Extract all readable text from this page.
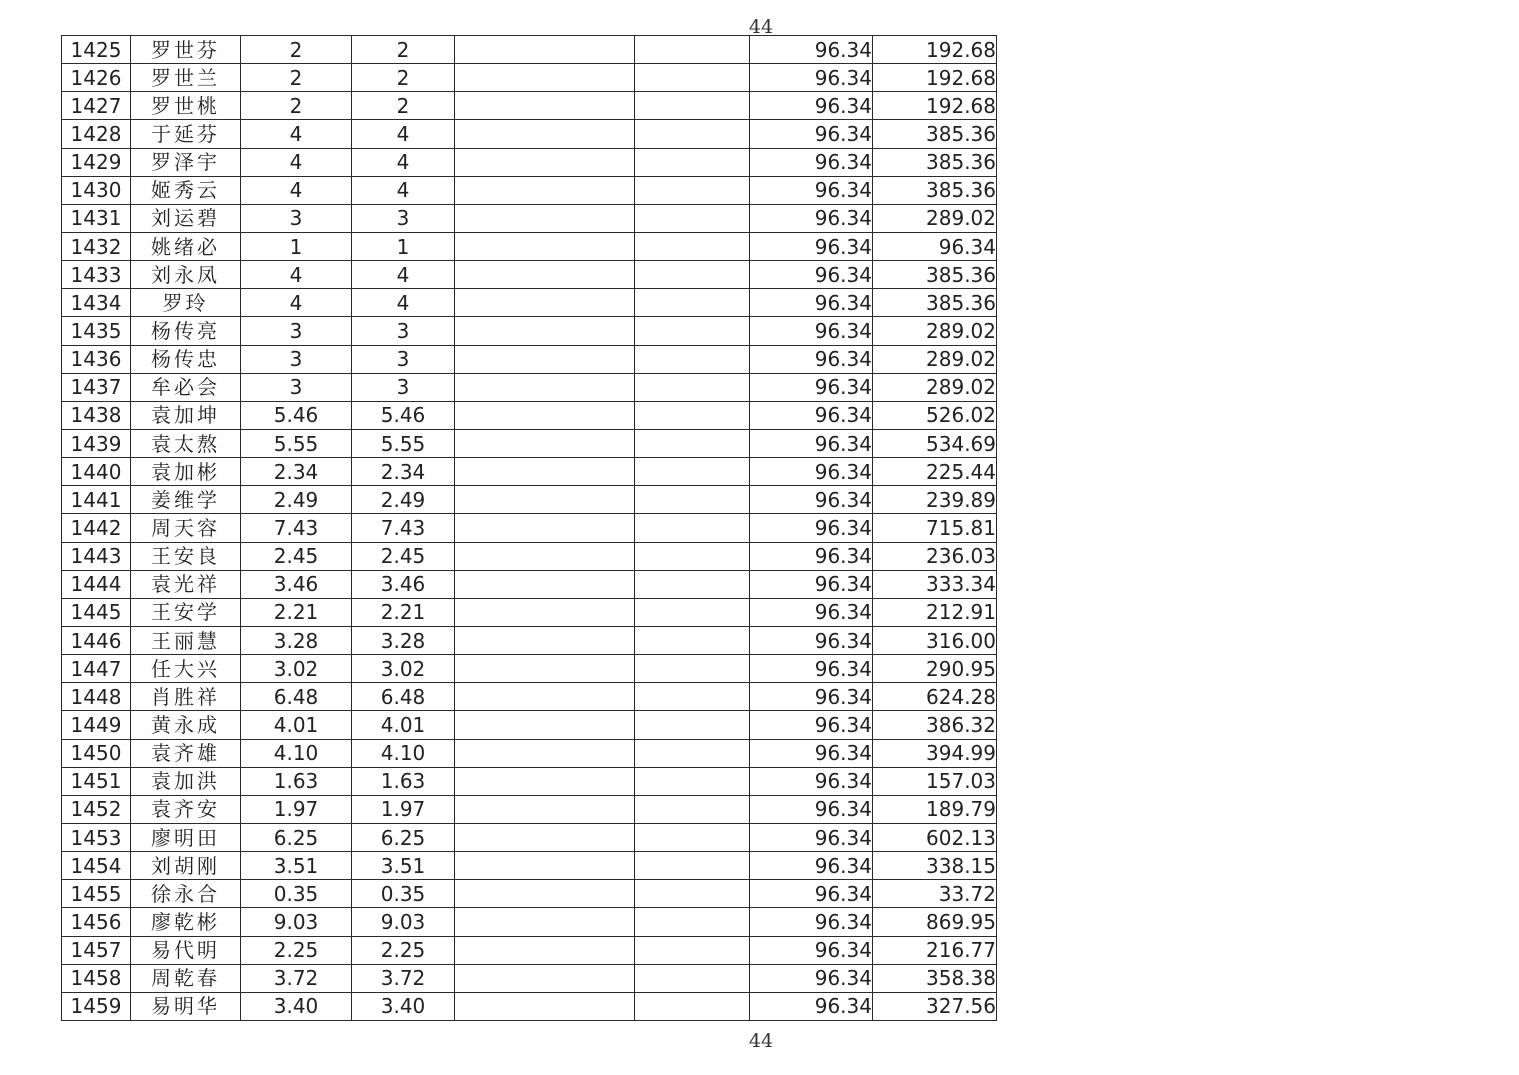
44
1425	罗世芬	2	2			96.34	192.68
1426	罗世兰	2	2			96.34	192.68
1427	罗世桃	2	2			96.34	192.68
1428	于延芬	4	4			96.34	385.36
1429	罗泽宇	4	4			96.34	385.36
1430	姬秀云	4	4			96.34	385.36
1431	刘运碧	3	3			96.34	289.02
1432	姚绪必	1	1			96.34	96.34
1433	刘永凤	4	4			96.34	385.36
1434	罗玲	4	4			96.34	385.36
1435	杨传亮	3	3			96.34	289.02
1436	杨传忠	3	3			96.34	289.02
1437	牟必会	3	3			96.34	289.02
1438	袁加坤	5.46	5.46			96.34	526.02
1439	袁太熬	5.55	5.55			96.34	534.69
1440	袁加彬	2.34	2.34			96.34	225.44
1441	姜维学	2.49	2.49			96.34	239.89
1442	周天容	7.43	7.43			96.34	715.81
1443	王安良	2.45	2.45			96.34	236.03
1444	袁光祥	3.46	3.46			96.34	333.34
1445	王安学	2.21	2.21			96.34	212.91
1446	王丽慧	3.28	3.28			96.34	316.00
1447	任大兴	3.02	3.02			96.34	290.95
1448	肖胜祥	6.48	6.48			96.34	624.28
1449	黄永成	4.01	4.01			96.34	386.32
1450	袁齐雄	4.10	4.10			96.34	394.99
1451	袁加洪	1.63	1.63			96.34	157.03
1452	袁齐安	1.97	1.97			96.34	189.79
1453	廖明田	6.25	6.25			96.34	602.13
1454	刘胡刚	3.51	3.51			96.34	338.15
1455	徐永合	0.35	0.35			96.34	33.72
1456	廖乾彬	9.03	9.03			96.34	869.95
1457	易代明	2.25	2.25			96.34	216.77
1458	周乾春	3.72	3.72			96.34	358.38
1459	易明华	3.40	3.40			96.34	327.56
44
